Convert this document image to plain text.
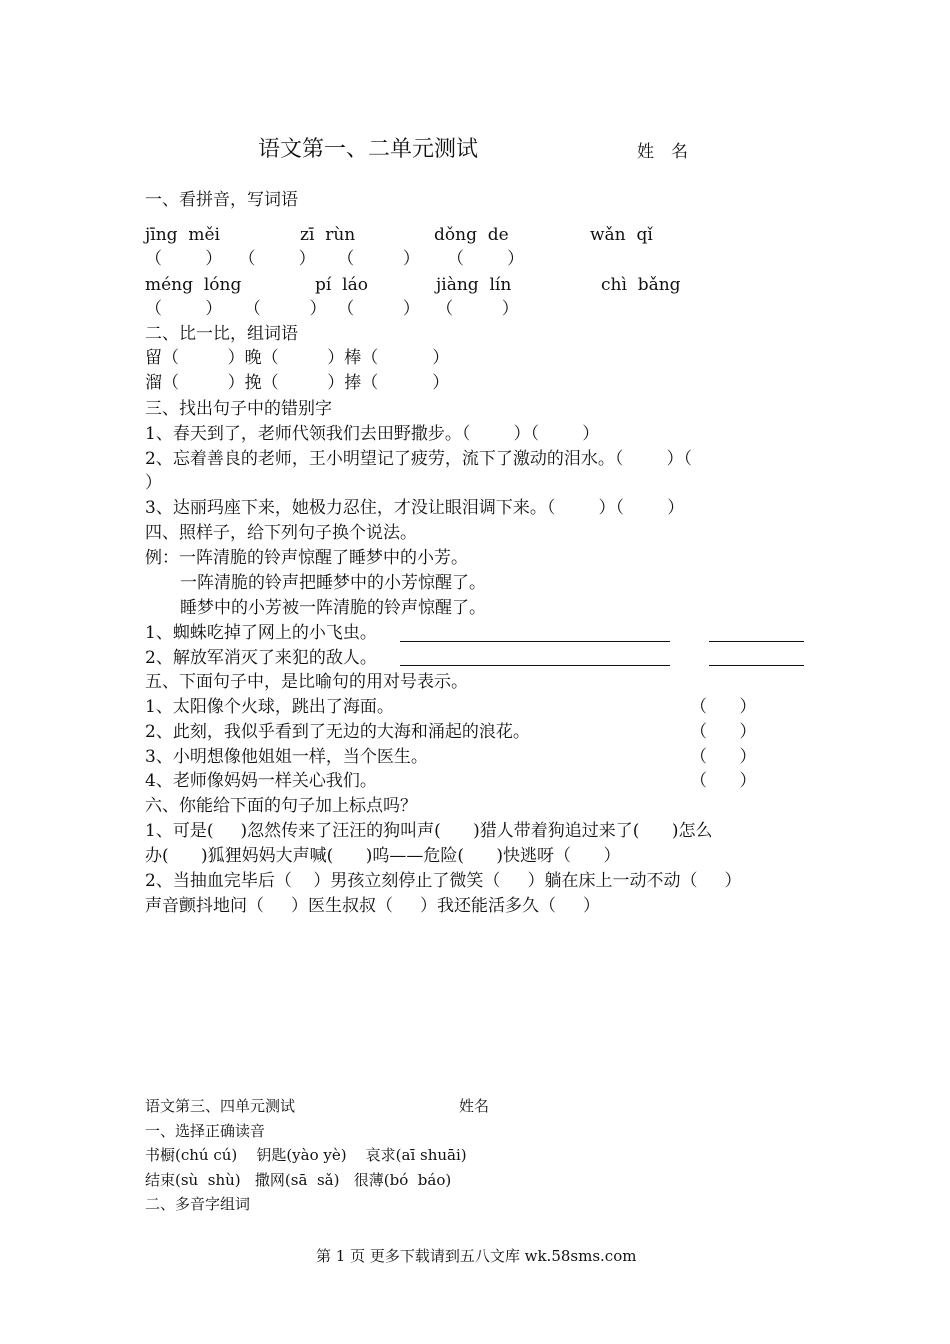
语文第一、二单元测试	姓　名
一、看拼音，写词语
jīng  měi	zī  rùn	dǒng  de	wǎn  qǐ
（        ）   （        ）    （         ）     （        ）
méng  lóng	pí  láo	jiàng  lín	chì  bǎng
（        ）    （         ）  （         ）   （         ）
二、比一比，组词语
留（         ）晚（         ）棒（          ）
溜（         ）挽（         ）捧（          ）
三、找出句子中的错别字
1、春天到了，老师代领我们去田野撒步。（        ）（        ）
2、忘着善良的老师，王小明望记了疲劳，流下了激动的泪水。（        ）（
）
3、达丽玛座下来，她极力忍住，才没让眼泪调下来。（        ）（        ）
四、照样子，给下列句子换个说法。
例：一阵清脆的铃声惊醒了睡梦中的小芳。
一阵清脆的铃声把睡梦中的小芳惊醒了。
睡梦中的小芳被一阵清脆的铃声惊醒了。
1、蜘蛛吃掉了网上的小飞虫。
2、解放军消灭了来犯的敌人。
五、下面句子中，是比喻句的用对号表示。
1、太阳像个火球，跳出了海面。	（      ）
2、此刻，我似乎看到了无边的大海和涌起的浪花。	（      ）
3、小明想像他姐姐一样，当个医生。	（      ）
4、老师像妈妈一样关心我们。	（      ）
六、你能给下面的句子加上标点吗？
1、可是(     )忽然传来了汪汪的狗叫声(      )猎人带着狗追过来了(      )怎么
办(      )狐狸妈妈大声喊(      )呜——危险(      )快逃呀（      ）
2、当抽血完毕后（    ）男孩立刻停止了微笑（     ）躺在床上一动不动（     ）
声音颤抖地问（     ）医生叔叔（     ）我还能活多久（     ）
语文第三、四单元测试	姓名
一、选择正确读音
书橱(chú cú)    钥匙(yào yè)    哀求(aī shuāi)
结束(sù  shù)   撒网(sā  sǎ)   很薄(bó  báo)
二、多音字组词
第 1 页 更多下载请到五八文库 wk.58sms.com
